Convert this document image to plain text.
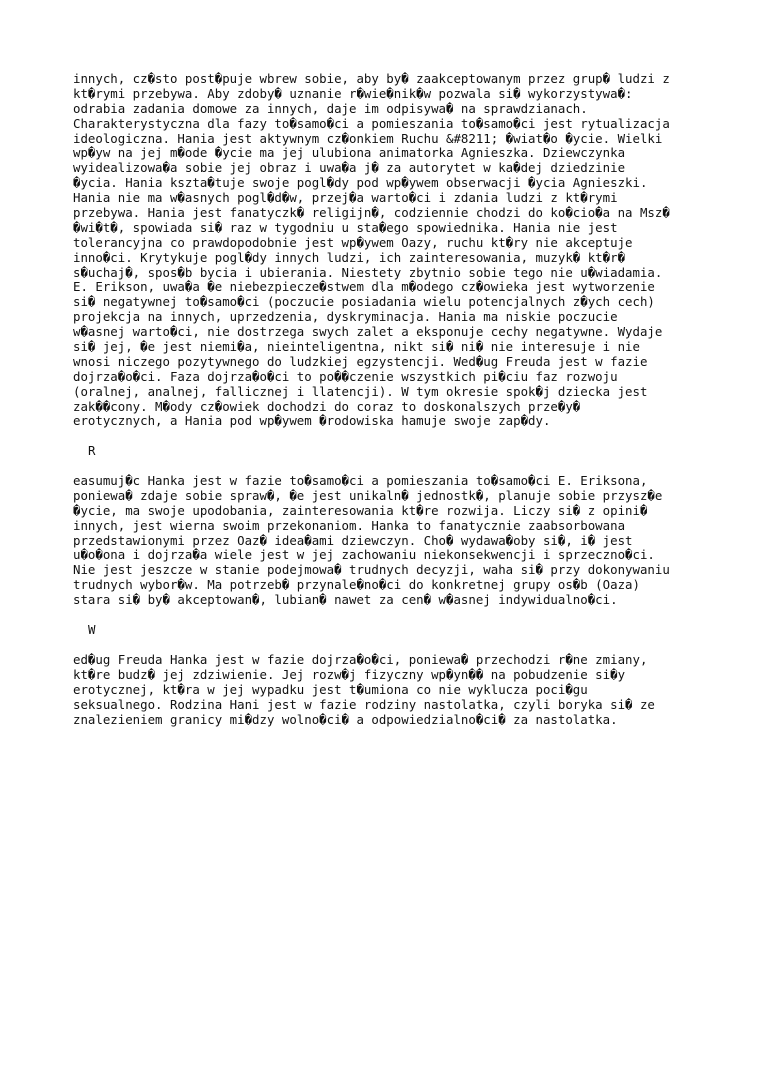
innych, cz�sto post�puje wbrew sobie, aby by� zaakceptowanym przez grup� ludzi z
kt�rymi przebywa. Aby zdoby� uznanie r�wie�nik�w pozwala si� wykorzystywa�:
odrabia zadania domowe za innych, daje im odpisywa� na sprawdzianach.
Charakterystyczna dla fazy to�samo�ci a pomieszania to�samo�ci jest rytualizacja
ideologiczna. Hania jest aktywnym cz�onkiem Ruchu &#8211; �wiat�o �ycie. Wielki
wp�yw na jej m�ode �ycie ma jej ulubiona animatorka Agnieszka. Dziewczynka
wyidealizowa�a sobie jej obraz i uwa�a j� za autorytet w ka�dej dziedzinie
�ycia. Hania kszta�tuje swoje pogl�dy pod wp�ywem obserwacji �ycia Agnieszki.
Hania nie ma w�asnych pogl�d�w, przej�a warto�ci i zdania ludzi z kt�rymi
przebywa. Hania jest fanatyczk� religijn�, codziennie chodzi do ko�cio�a na Msz�
�wi�t�, spowiada si� raz w tygodniu u sta�ego spowiednika. Hania nie jest
tolerancyjna co prawdopodobnie jest wp�ywem Oazy, ruchu kt�ry nie akceptuje
inno�ci. Krytykuje pogl�dy innych ludzi, ich zainteresowania, muzyk� kt�r�
s�uchaj�, spos�b bycia i ubierania. Niestety zbytnio sobie tego nie u�wiadamia.
E. Erikson, uwa�a �e niebezpiecze�stwem dla m�odego cz�owieka jest wytworzenie
si� negatywnej to�samo�ci (poczucie posiadania wielu potencjalnych z�ych cech)
projekcja na innych, uprzedzenia, dyskryminacja. Hania ma niskie poczucie
w�asnej warto�ci, nie dostrzega swych zalet a eksponuje cechy negatywne. Wydaje
si� jej, �e jest niemi�a, nieinteligentna, nikt si� ni� nie interesuje i nie
wnosi niczego pozytywnego do ludzkiej egzystencji. Wed�ug Freuda jest w fazie
dojrza�o�ci. Faza dojrza�o�ci to po��czenie wszystkich pi�ciu faz rozwoju
(oralnej, analnej, fallicznej i llatencji). W tym okresie spok�j dziecka jest
zak��cony. M�ody cz�owiek dochodzi do coraz to doskonalszych prze�y�
erotycznych, a Hania pod wp�ywem �rodowiska hamuje swoje zap�dy.
R
easumuj�c Hanka jest w fazie to�samo�ci a pomieszania to�samo�ci E. Eriksona,
poniewa� zdaje sobie spraw�, �e jest unikaln� jednostk�, planuje sobie przysz�e
�ycie, ma swoje upodobania, zainteresowania kt�re rozwija. Liczy si� z opini�
innych, jest wierna swoim przekonaniom. Hanka to fanatycznie zaabsorbowana
przedstawionymi przez Oaz� idea�ami dziewczyn. Cho� wydawa�oby si�, i� jest
u�o�ona i dojrza�a wiele jest w jej zachowaniu niekonsekwencji i sprzeczno�ci.
Nie jest jeszcze w stanie podejmowa� trudnych decyzji, waha si� przy dokonywaniu
trudnych wybor�w. Ma potrzeb� przynale�no�ci do konkretnej grupy os�b (Oaza)
stara si� by� akceptowan�, lubian� nawet za cen� w�asnej indywidualno�ci.
W
ed�ug Freuda Hanka jest w fazie dojrza�o�ci, poniewa� przechodzi r�ne zmiany,
kt�re budz� jej zdziwienie. Jej rozw�j fizyczny wp�yn�� na pobudzenie si�y
erotycznej, kt�ra w jej wypadku jest t�umiona co nie wyklucza poci�gu
seksualnego. Rodzina Hani jest w fazie rodziny nastolatka, czyli boryka si� ze
znalezieniem granicy mi�dzy wolno�ci� a odpowiedzialno�ci� za nastolatka.
